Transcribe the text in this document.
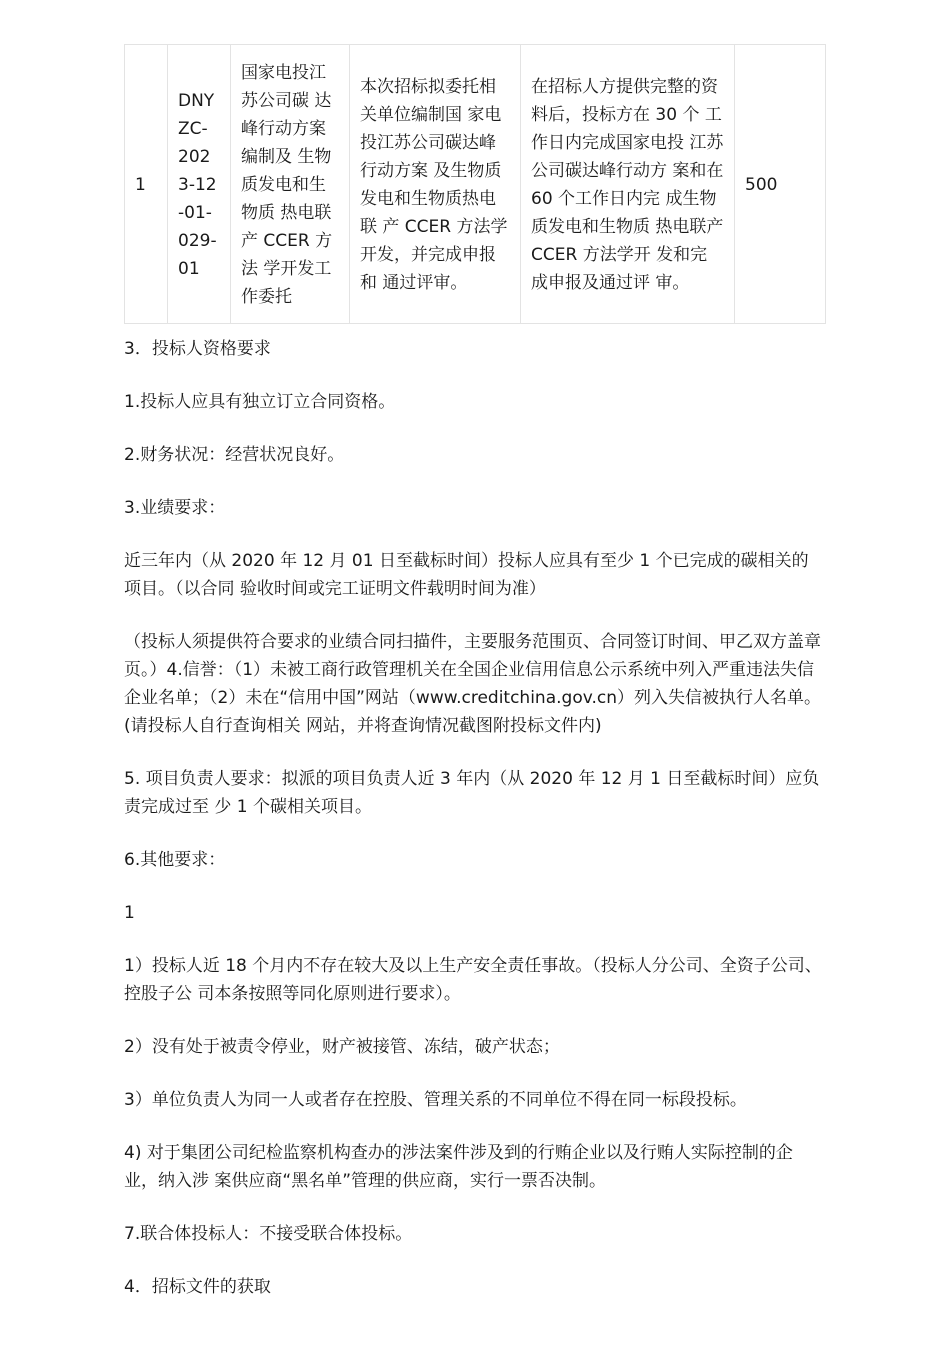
1	DNY ZC- 202 3-12 -01- 029- 01	国家电投江苏公司碳 达峰行动方案编制及 生物质发电和生物质 热电联产 CCER 方法 学开发工作委托	本次招标拟委托相关单位编制国 家电投江苏公司碳达峰行动方案 及生物质发电和生物质热电 联 产 CCER 方法学开发，并完成申报和 通过评审。	在招标人方提供完整的资料后，投标方在 30 个 工作日内完成国家电投 江苏公司碳达峰行动方 案和在 60 个工作日内完 成生物质发电和生物质 热电联产 CCER 方法学开 发和完成申报及通过评 审。	500

3．投标人资格要求

1.投标人应具有独立订立合同资格。

2.财务状况：经营状况良好。

3.业绩要求：

近三年内（从 2020 年 12 月 01 日至截标时间）投标人应具有至少 1 个已完成的碳相关的项目。（以合同 验收时间或完工证明文件载明时间为准）

（投标人须提供符合要求的业绩合同扫描件，主要服务范围页、合同签订时间、甲乙双方盖章页。）4.信誉：（1）未被工商行政管理机关在全国企业信用信息公示系统中列入严重违法失信企业名单；（2）未在“信用中国”网站（www.creditchina.gov.cn）列入失信被执行人名单。(请投标人自行查询相关 网站，并将查询情况截图附投标文件内)

5. 项目负责人要求：拟派的项目负责人近 3 年内（从 2020 年 12 月 1 日至截标时间）应负责完成过至 少 1 个碳相关项目。

6.其他要求：

1

1）投标人近 18 个月内不存在较大及以上生产安全责任事故。（投标人分公司、全资子公司、控股子公 司本条按照等同化原则进行要求）。

2）没有处于被责令停业，财产被接管、冻结，破产状态；

3）单位负责人为同一人或者存在控股、管理关系的不同单位不得在同一标段投标。

4) 对于集团公司纪检监察机构查办的涉法案件涉及到的行贿企业以及行贿人实际控制的企业，纳入涉 案供应商“黑名单”管理的供应商，实行一票否决制。

7.联合体投标人：不接受联合体投标。

4．招标文件的获取
